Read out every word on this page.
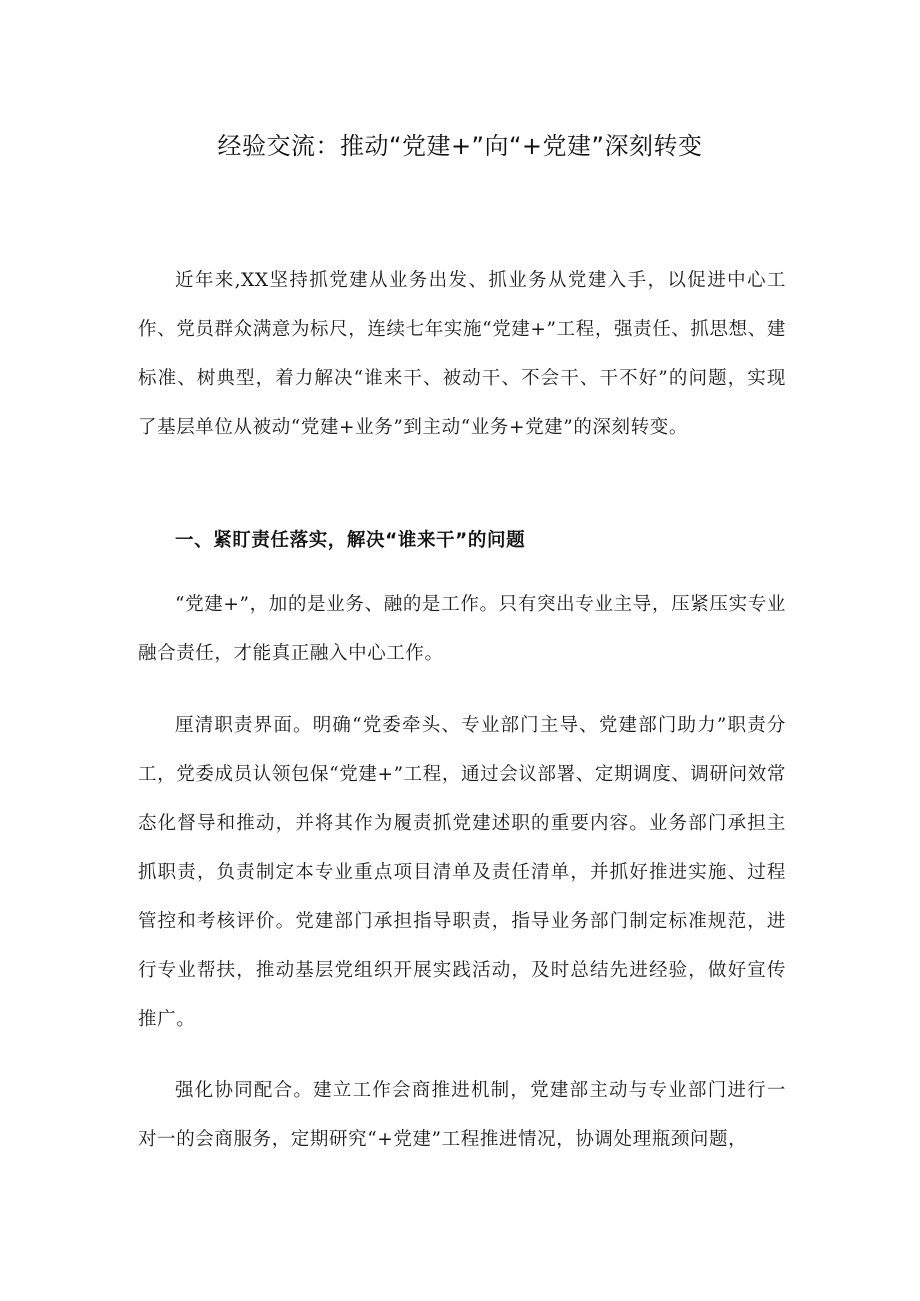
经验交流：推动“党建+”向“+党建”深刻转变

近年来,XX坚持抓党建从业务出发、抓业务从党建入手，以促进中心工作、党员群众满意为标尺，连续七年实施“党建+”工程，强责任、抓思想、建标准、树典型，着力解决“谁来干、被动干、不会干、干不好”的问题，实现了基层单位从被动“党建+业务”到主动“业务+党建”的深刻转变。

一、紧盯责任落实，解决“谁来干”的问题

“党建+”，加的是业务、融的是工作。只有突出专业主导，压紧压实专业融合责任，才能真正融入中心工作。

厘清职责界面。明确“党委牵头、专业部门主导、党建部门助力”职责分工，党委成员认领包保“党建+”工程，通过会议部署、定期调度、调研问效常态化督导和推动，并将其作为履责抓党建述职的重要内容。业务部门承担主抓职责，负责制定本专业重点项目清单及责任清单，并抓好推进实施、过程管控和考核评价。党建部门承担指导职责，指导业务部门制定标准规范，进行专业帮扶，推动基层党组织开展实践活动，及时总结先进经验，做好宣传推广。

强化协同配合。建立工作会商推进机制，党建部主动与专业部门进行一对一的会商服务，定期研究“+党建”工程推进情况，协调处理瓶颈问题，
